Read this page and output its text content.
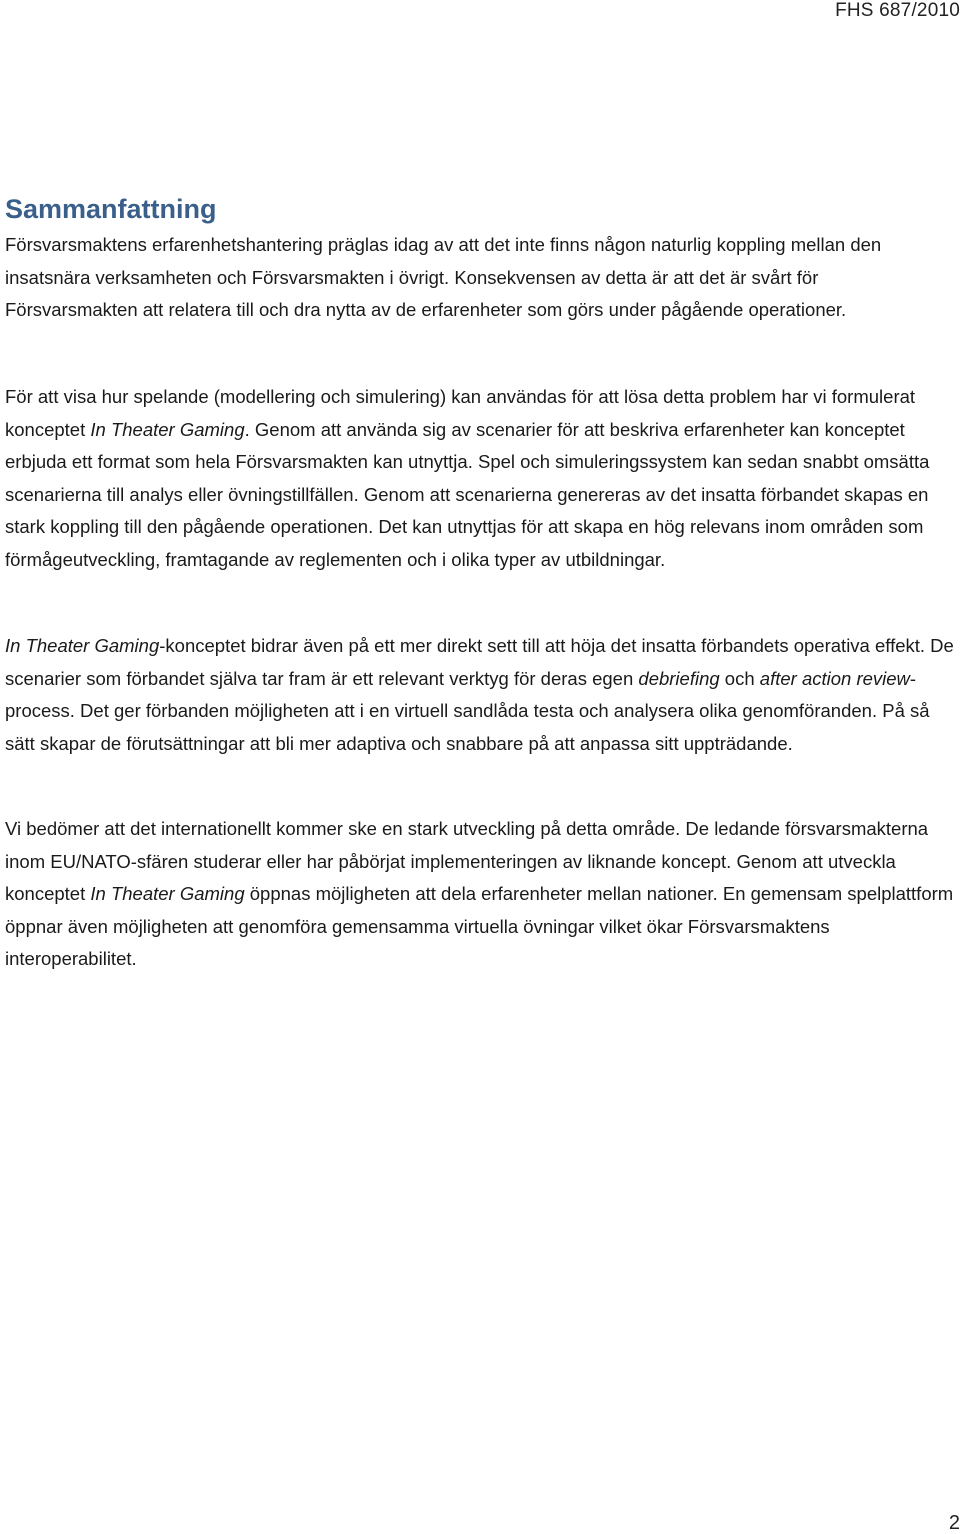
FHS 687/2010
Sammanfattning

Försvarsmaktens erfarenhetshantering präglas idag av att det inte finns någon naturlig koppling mellan den insatsnära verksamheten och Försvarsmakten i övrigt. Konsekvensen av detta är att det är svårt för Försvarsmakten att relatera till och dra nytta av de erfarenheter som görs under pågående operationer.

För att visa hur spelande (modellering och simulering) kan användas för att lösa detta problem har vi formulerat konceptet In Theater Gaming. Genom att använda sig av scenarier för att beskriva erfarenheter kan konceptet erbjuda ett format som hela Försvarsmakten kan utnyttja. Spel och simuleringssystem kan sedan snabbt omsätta scenarierna till analys eller övningstillfällen. Genom att scenarierna genereras av det insatta förbandet skapas en stark koppling till den pågående operationen. Det kan utnyttjas för att skapa en hög relevans inom områden som förmågeutveckling, framtagande av reglementen och i olika typer av utbildningar.

In Theater Gaming-konceptet bidrar även på ett mer direkt sett till att höja det insatta förbandets operativa effekt. De scenarier som förbandet själva tar fram är ett relevant verktyg för deras egen debriefing och after action review-process. Det ger förbanden möjligheten att i en virtuell sandlåda testa och analysera olika genomföranden. På så sätt skapar de förutsättningar att bli mer adaptiva och snabbare på att anpassa sitt uppträdande.

Vi bedömer att det internationellt kommer ske en stark utveckling på detta område. De ledande försvarsmakterna inom EU/NATO-sfären studerar eller har påbörjat implementeringen av liknande koncept. Genom att utveckla konceptet In Theater Gaming öppnas möjligheten att dela erfarenheter mellan nationer. En gemensam spelplattform öppnar även möjligheten att genomföra gemensamma virtuella övningar vilket ökar Försvarsmaktens interoperabilitet.

2
